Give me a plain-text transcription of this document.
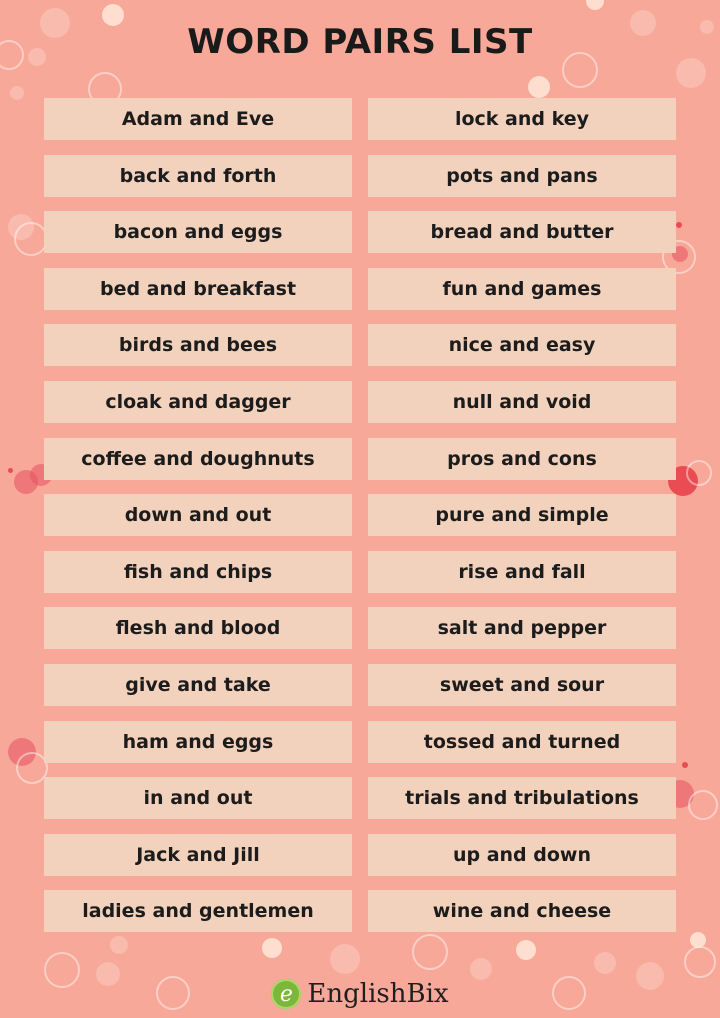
WORD PAIRS LIST
Adam and Eve	lock and key
back and forth	pots and pans
bacon and eggs	bread and butter
bed and breakfast	fun and games
birds and bees	nice and easy
cloak and dagger	null and void
coffee and doughnuts	pros and cons
down and out	pure and simple
fish and chips	rise and fall
flesh and blood	salt and pepper
give and take	sweet and sour
ham and eggs	tossed and turned
in and out	trials and tribulations
Jack and Jill	up and down
ladies and gentlemen	wine and cheese
e EnglishBix
